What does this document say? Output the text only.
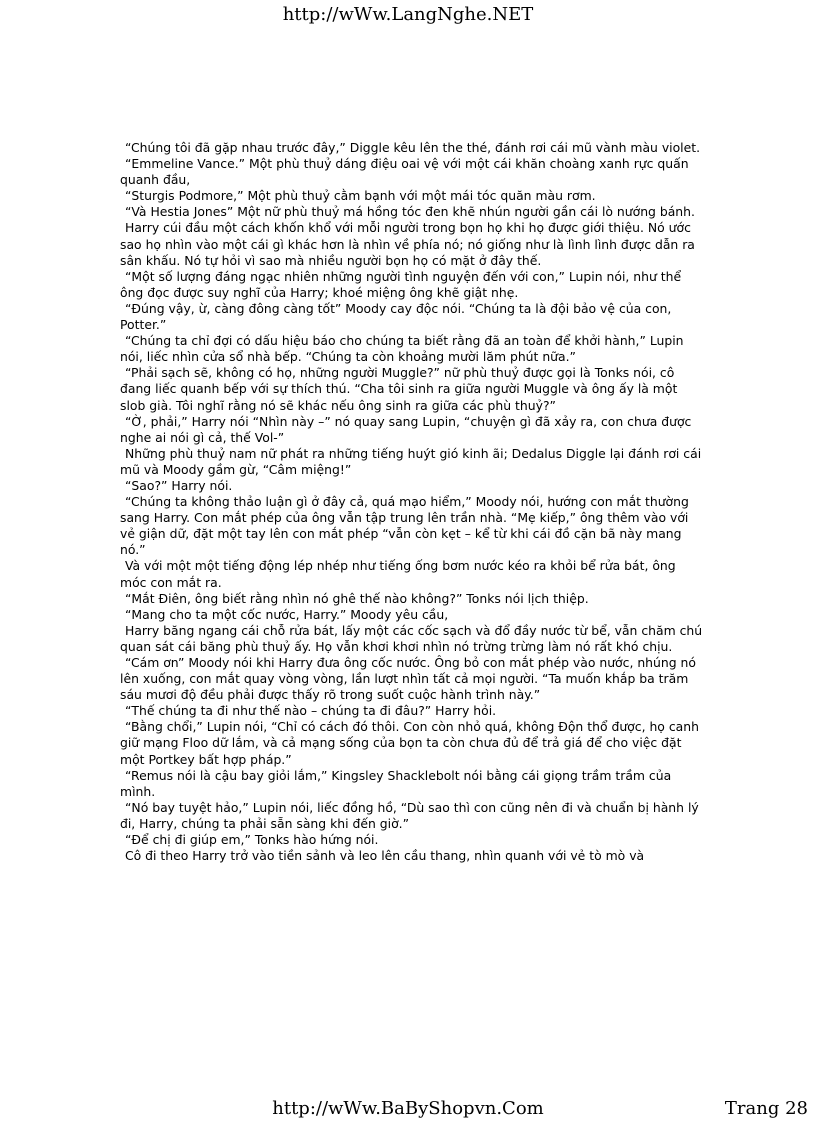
http://wWw.LangNghe.NET

“Chúng tôi đã gặp nhau trước đây,” Diggle kêu lên the thé, đánh rơi cái mũ vành màu violet.

“Emmeline Vance.” Một phù thuỷ dáng điệu oai vệ với một cái khăn choàng xanh rực quấn quanh đầu,

“Sturgis Podmore,” Một phù thuỷ cằm bạnh với một mái tóc quăn màu rơm.

“Và Hestia Jones” Một nữ phù thuỷ má hồng tóc đen khẽ nhún người gần cái lò nướng bánh.

Harry cúi đầu một cách khốn khổ với mỗi người trong bọn họ khi họ được giới thiệu. Nó ước sao họ nhìn vào một cái gì khác hơn là nhìn về phía nó; nó giống như là lình lình được dẫn ra sân khấu. Nó tự hỏi vì sao mà nhiều người bọn họ có mặt ở đây thế.

“Một số lượng đáng ngạc nhiên những người tình nguyện đến với con,” Lupin nói, như thể ông đọc được suy nghĩ của Harry; khoé miệng ông khẽ giật nhẹ.

“Đúng vậy, ừ, càng đông càng tốt” Moody cay độc nói. “Chúng ta là đội bảo vệ của con, Potter.”

“Chúng ta chỉ đợi có dấu hiệu báo cho chúng ta biết rằng đã an toàn để khởi hành,” Lupin nói, liếc nhìn cửa sổ nhà bếp. “Chúng ta còn khoảng mười lăm phút nữa.”

“Phải sạch sẽ, không có họ, những người Muggle?” nữ phù thuỷ được gọi là Tonks nói, cô đang liếc quanh bếp với sự thích thú. “Cha tôi sinh ra giữa người Muggle và ông ấy là một slob già. Tôi nghĩ rằng nó sẽ khác nếu ông sinh ra giữa các phù thuỷ?”

“Ờ, phải,” Harry nói “Nhìn này –” nó quay sang Lupin, “chuyện gì đã xảy ra, con chưa được nghe ai nói gì cả, thế Vol-”

Những phù thuỷ nam nữ phát ra những tiếng huýt gió kinh ãi; Dedalus Diggle lại đánh rơi cái mũ và Moody gầm gừ, “Câm miệng!”

“Sao?” Harry nói.

“Chúng ta không thảo luận gì ở đây cả, quá mạo hiểm,” Moody nói, hướng con mắt thường sang Harry. Con mắt phép của ông vẫn tập trung lên trần nhà. “Mẹ kiếp,” ông thêm vào với vẻ giận dữ, đặt một tay lên con mắt phép “vẫn còn kẹt – kể từ khi cái đồ cặn bã này mang nó.”

Và với một một tiếng động lép nhép như tiếng ống bơm nước kéo ra khỏi bể rửa bát, ông móc con mắt ra.

“Mắt Điên, ông biết rằng nhìn nó ghê thế nào không?” Tonks nói lịch thiệp.

“Mang cho ta một cốc nước, Harry.” Moody yêu cầu,

Harry băng ngang cái chỗ rửa bát, lấy một các cốc sạch và đổ đầy nước từ bể, vẫn chăm chú quan sát cái băng phù thuỷ ấy. Họ vẫn khơi khơi nhìn nó trừng trừng làm nó rất khó chịu.

“Cám ơn” Moody nói khi Harry đưa ông cốc nước. Ông bỏ con mắt phép vào nước, nhúng nó lên xuống, con mắt quay vòng vòng, lần lượt nhìn tất cả mọi người. “Ta muốn khắp ba trăm sáu mươi độ đều phải được thấy rõ trong suốt cuộc hành trình này.”

“Thế chúng ta đi như thế nào – chúng ta đi đâu?” Harry hỏi.

“Bằng chổi,” Lupin nói, “Chỉ có cách đó thôi. Con còn nhỏ quá, không Độn thổ được, họ canh giữ mạng Floo dữ lắm, và cả mạng sống của bọn ta còn chưa đủ để trả giá để cho việc đặt một Portkey bất hợp pháp.”

“Remus nói là cậu bay giỏi lắm,” Kingsley Shacklebolt nói bằng cái giọng trầm trầm của mình.

“Nó bay tuyệt hảo,” Lupin nói, liếc đồng hồ, “Dù sao thì con cũng nên đi và chuẩn bị hành lý đi, Harry, chúng ta phải sẵn sàng khi đến giờ.”

“Để chị đi giúp em,” Tonks hào hứng nói.

Cô đi theo Harry trở vào tiền sảnh và leo lên cầu thang, nhìn quanh với vẻ tò mò và

http://wWw.BaByShopvn.Com	Trang 28
